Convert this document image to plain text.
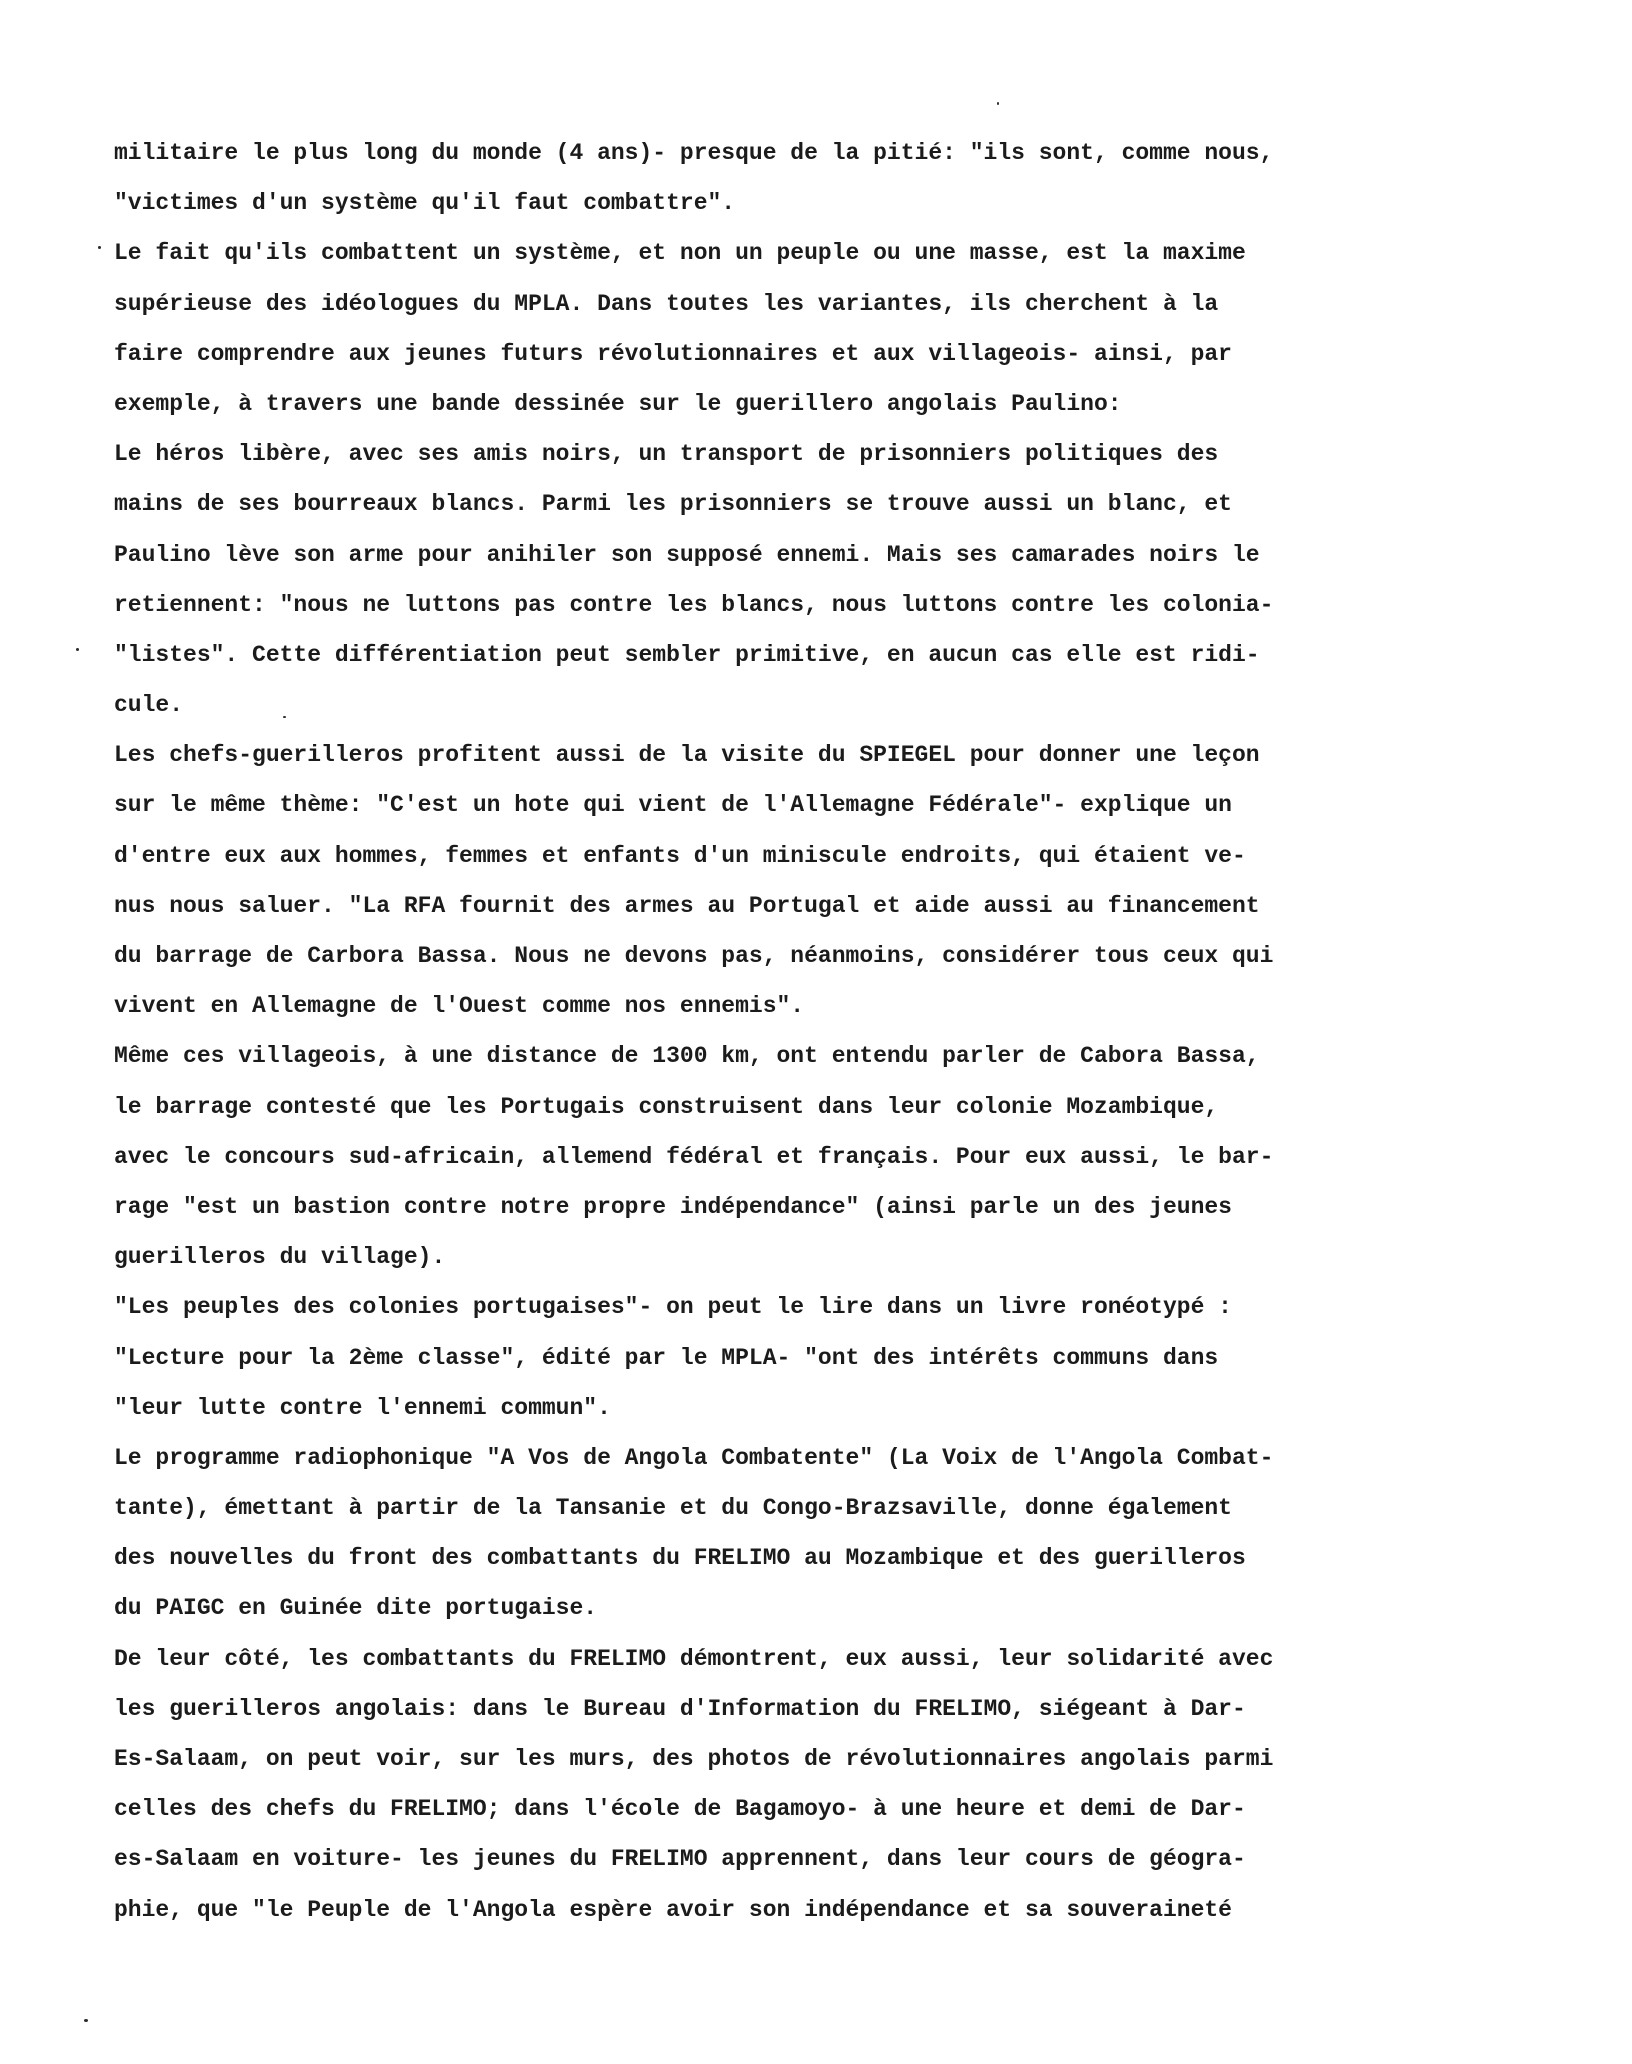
militaire le plus long du monde (4 ans)- presque de la pitié: "ils sont, comme nous,
"victimes d'un système qu'il faut combattre".
Le fait qu'ils combattent un système, et non un peuple ou une masse, est la maxime
supérieuse des idéologues du MPLA. Dans toutes les variantes, ils cherchent à la
faire comprendre aux jeunes futurs révolutionnaires et aux villageois- ainsi, par
exemple, à travers une bande dessinée sur le guerillero angolais Paulino:
Le héros libère, avec ses amis noirs, un transport de prisonniers politiques des
mains de ses bourreaux blancs. Parmi les prisonniers se trouve aussi un blanc, et
Paulino lève son arme pour anihiler son supposé ennemi. Mais ses camarades noirs le
retiennent: "nous ne luttons pas contre les blancs, nous luttons contre les colonia-
"listes". Cette différentiation peut sembler primitive, en aucun cas elle est ridi-
cule.
Les chefs-guerilleros profitent aussi de la visite du SPIEGEL pour donner une leçon
sur le même thème: "C'est un hote qui vient de l'Allemagne Fédérale"- explique un
d'entre eux aux hommes, femmes et enfants d'un miniscule endroits, qui étaient ve-
nus nous saluer. "La RFA fournit des armes au Portugal et aide aussi au financement
du barrage de Carbora Bassa. Nous ne devons pas, néanmoins, considérer tous ceux qui
vivent en Allemagne de l'Ouest comme nos ennemis".
Même ces villageois, à une distance de 1300 km, ont entendu parler de Cabora Bassa,
le barrage contesté que les Portugais construisent dans leur colonie Mozambique,
avec le concours sud-africain, allemend fédéral et français. Pour eux aussi, le bar-
rage "est un bastion contre notre propre indépendance" (ainsi parle un des jeunes
guerilleros du village).
"Les peuples des colonies portugaises"- on peut le lire dans un livre ronéotypé :
"Lecture pour la 2ème classe", édité par le MPLA- "ont des intérêts communs dans
"leur lutte contre l'ennemi commun".
Le programme radiophonique "A Vos de Angola Combatente" (La Voix de l'Angola Combat-
tante), émettant à partir de la Tansanie et du Congo-Brazsaville, donne également
des nouvelles du front des combattants du FRELIMO au Mozambique et des guerilleros
du PAIGC en Guinée dite portugaise.
De leur côté, les combattants du FRELIMO démontrent, eux aussi, leur solidarité avec
les guerilleros angolais: dans le Bureau d'Information du FRELIMO, siégeant à Dar-
Es-Salaam, on peut voir, sur les murs, des photos de révolutionnaires angolais parmi
celles des chefs du FRELIMO; dans l'école de Bagamoyo- à une heure et demi de Dar-
es-Salaam en voiture- les jeunes du FRELIMO apprennent, dans leur cours de géogra-
phie, que "le Peuple de l'Angola espère avoir son indépendance et sa souveraineté
